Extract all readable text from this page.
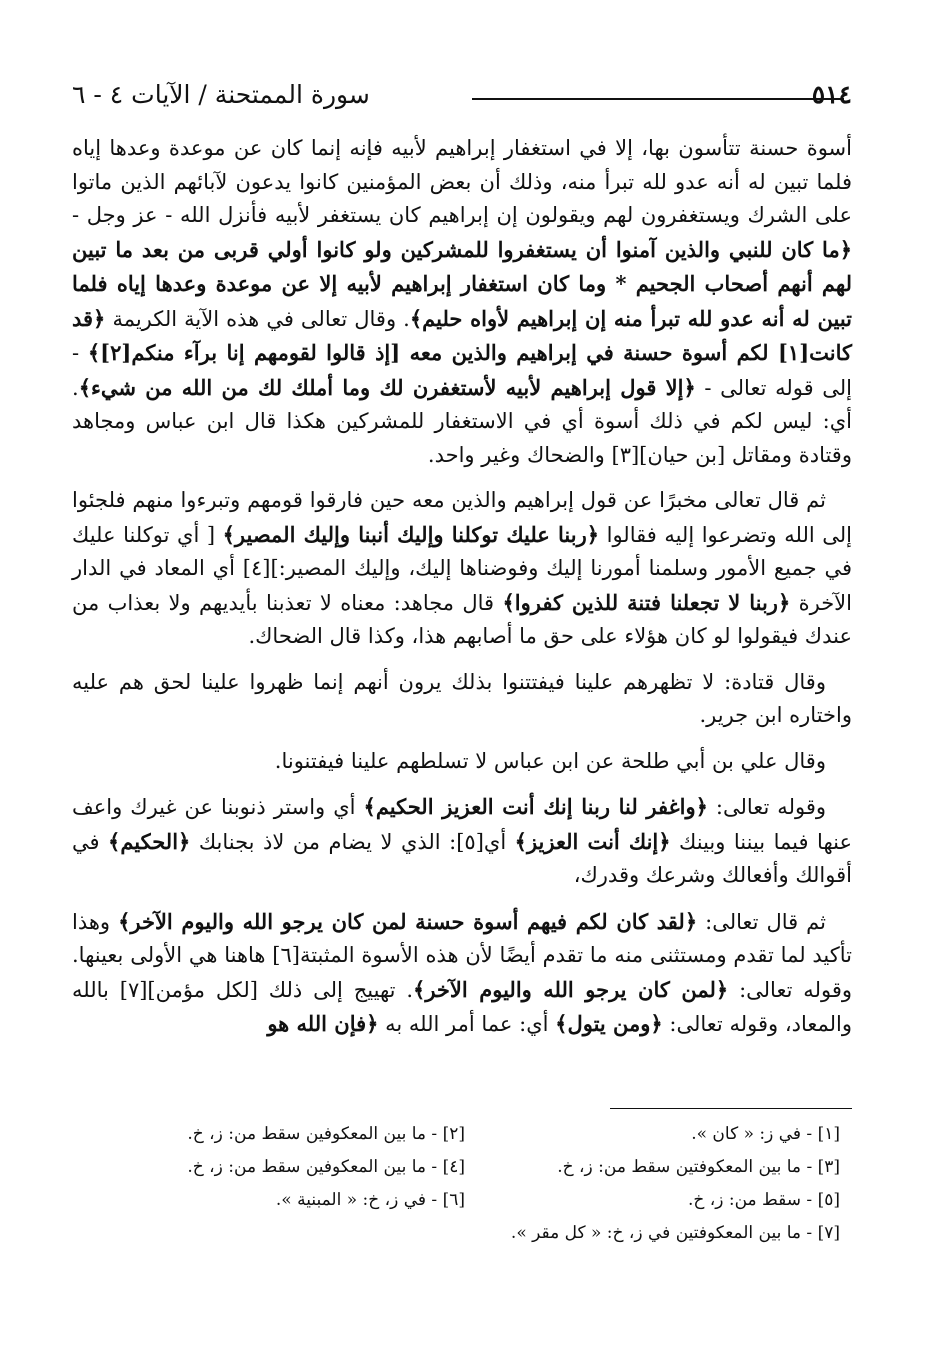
٥١٤
سورة الممتحنة / الآيات ٤ - ٦

أسوة حسنة تتأسون بها، إلا في استغفار إبراهيم لأبيه فإنه إنما كان عن موعدة وعدها إياه فلما تبين له أنه عدو لله تبرأ منه، وذلك أن بعض المؤمنين كانوا يدعون لآبائهم الذين ماتوا على الشرك ويستغفرون لهم ويقولون إن إبراهيم كان يستغفر لأبيه فأنزل الله - عز وجل - ﴿ما كان للنبي والذين آمنوا أن يستغفروا للمشركين ولو كانوا أولي قربى من بعد ما تبين لهم أنهم أصحاب الجحيم * وما كان استغفار إبراهيم لأبيه إلا عن موعدة وعدها إياه فلما تبين له أنه عدو لله تبرأ منه إن إبراهيم لأواه حليم﴾. وقال تعالى في هذه الآية الكريمة ﴿قد كانت[١] لكم أسوة حسنة في إبراهيم والذين معه [إذ قالوا لقومهم إنا برآء منكم[٢]﴾ - إلى قوله تعالى - ﴿إلا قول إبراهيم لأبيه لأستغفرن لك وما أملك لك من الله من شيء﴾. أي: ليس لكم في ذلك أسوة أي في الاستغفار للمشركين هكذا قال ابن عباس ومجاهد وقتادة ومقاتل [بن حيان][٣] والضحاك وغير واحد.

ثم قال تعالى مخبرًا عن قول إبراهيم والذين معه حين فارقوا قومهم وتبرءوا منهم فلجئوا إلى الله وتضرعوا إليه فقالوا ﴿ربنا عليك توكلنا وإليك أنبنا وإليك المصير﴾ [ أي توكلنا عليك في جميع الأمور وسلمنا أمورنا إليك وفوضناها إليك، وإليك المصير:][٤] أي المعاد في الدار الآخرة ﴿ربنا لا تجعلنا فتنة للذين كفروا﴾ قال مجاهد: معناه لا تعذبنا بأيديهم ولا بعذاب من عندك فيقولوا لو كان هؤلاء على حق ما أصابهم هذا، وكذا قال الضحاك.

وقال قتادة: لا تظهرهم علينا فيفتتنوا بذلك يرون أنهم إنما ظهروا علينا لحق هم عليه واختاره ابن جرير.

وقال علي بن أبي طلحة عن ابن عباس لا تسلطهم علينا فيفتنونا.

وقوله تعالى: ﴿واغفر لنا ربنا إنك أنت العزيز الحكيم﴾ أي واستر ذنوبنا عن غيرك واعف عنها فيما بيننا وبينك ﴿إنك أنت العزيز﴾ أي[٥]: الذي لا يضام من لاذ بجنابك ﴿الحكيم﴾ في أقوالك وأفعالك وشرعك وقدرك،

ثم قال تعالى: ﴿لقد كان لكم فيهم أسوة حسنة لمن كان يرجو الله واليوم الآخر﴾ وهذا تأكيد لما تقدم ومستثنى منه ما تقدم أيضًا لأن هذه الأسوة المثبتة[٦] هاهنا هي الأولى بعينها. وقوله تعالى: ﴿لمن كان يرجو الله واليوم الآخر﴾. تهييج إلى ذلك [لكل مؤمن][٧] بالله والمعاد، وقوله تعالى: ﴿ومن يتول﴾ أي: عما أمر الله به ﴿فإن الله هو

[١] - في ز: « كان ».
[٢] - ما بين المعكوفين سقط من: ز، خ.
[٣] - ما بين المعكوفتين سقط من: ز، خ.
[٤] - ما بين المعكوفين سقط من: ز، خ.
[٥] - سقط من: ز، خ.
[٦] - في ز، خ: « المبنية ».
[٧] - ما بين المعكوفتين في ز، خ: « كل مقر ».
